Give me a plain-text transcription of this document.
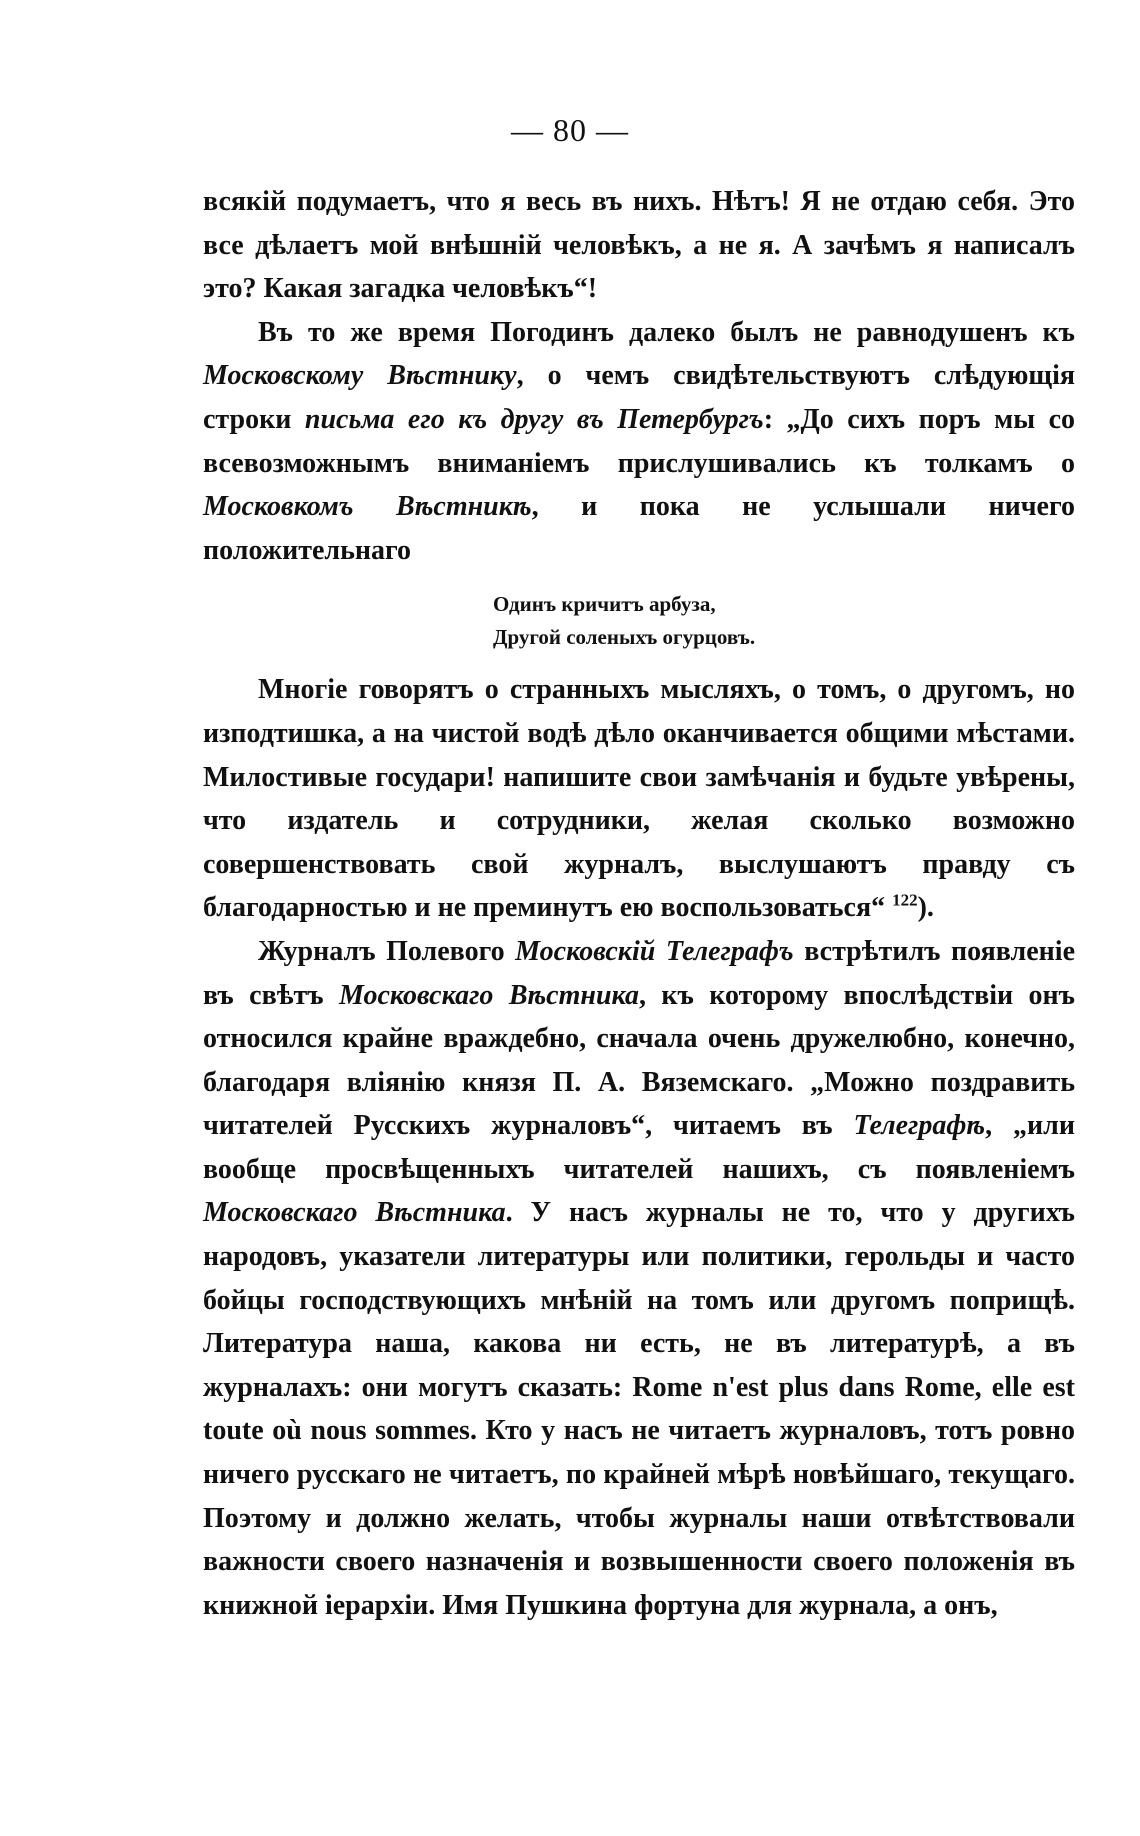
— 80 —

всякій подумаетъ, что я весь въ нихъ. Нѣтъ! Я не отдаю себя. Это все дѣлаетъ мой внѣшній человѣкъ, а не я. А зачѣмъ я написалъ это? Какая загадка человѣкъ“!

Въ то же время Погодинъ далеко былъ не равнодушенъ къ Московскому Вѣстнику, о чемъ свидѣтельствуютъ слѣдующія строки письма его къ другу въ Петербургъ: „До сихъ поръ мы со всевозможнымъ вниманіемъ прислушивались къ толкамъ о Московкомъ Вѣстникѣ, и пока не услышали ничего положительнаго

Одинъ кричитъ арбуза,
Другой соленыхъ огурцовъ.

Многіе говорятъ о странныхъ мысляхъ, о томъ, о другомъ, но изподтишка, а на чистой водѣ дѣло оканчивается общими мѣстами. Милостивые государи! напишите свои замѣчанія и будьте увѣрены, что издатель и сотрудники, желая сколько возможно совершенствовать свой журналъ, выслушаютъ правду съ благодарностью и не преминутъ ею воспользоваться“ $^{122}$).

Журналъ Полевого Московскій Телеграфъ встрѣтилъ появленіе въ свѣтъ Московскаго Вѣстника, къ которому впослѣдствіи онъ относился крайне враждебно, сначала очень дружелюбно, конечно, благодаря вліянію князя П. А. Вяземскаго. „Можно поздравить читателей Русскихъ журналовъ“, читаемъ въ Телеграфѣ, „или вообще просвѣщенныхъ читателей нашихъ, съ появленіемъ Московскаго Вѣстника. У насъ журналы не то, что у другихъ народовъ, указатели литературы или политики, герольды и часто бойцы господствующихъ мнѣній на томъ или другомъ поприщѣ. Литература наша, какова ни есть, не въ литературѣ, а въ журналахъ: они могутъ сказать: Rome n'est plus dans Rome, elle est toute où nous sommes. Кто у насъ не читаетъ журналовъ, тотъ ровно ничего русскаго не читаетъ, по крайней мѣрѣ новѣйшаго, текущаго. Поэтому и должно желать, чтобы журналы наши отвѣтствовали важности своего назначенія и возвышенности своего положенія въ книжной іерархіи. Имя Пушкина фортуна для журнала, а онъ,
